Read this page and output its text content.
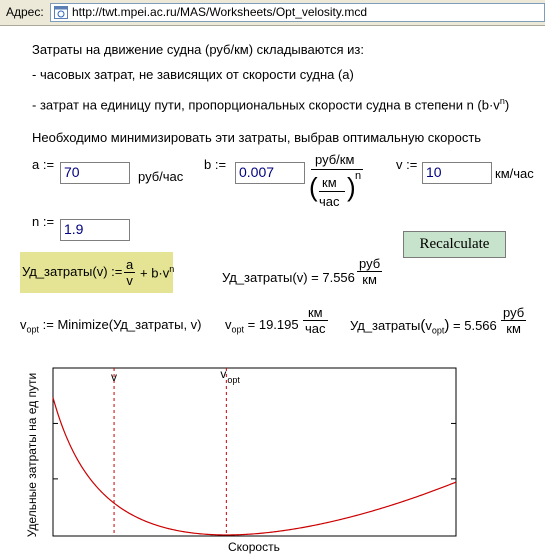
Адрес: http://twt.mpei.ac.ru/MAS/Worksheets/Opt_velosity.mcd
Затраты на движение судна (руб/км) складываются из:
- часовых затрат, не зависящих от скорости судна (a)
- затрат на единицу пути, пропорциональных скорости судна в степени n $(b\cdot v^n)$
Необходимо минимизировать эти затраты, выбрав оптимальную скорость
a := 70	руб/час
b := 0.007
руб/км
( )
км
час
n
v := 10	км/час
n := 1.9
Recalculate
Уд_затраты(v) := $\frac{a}{v} + b\cdot v^n$
Уд_затраты(v) = 7.556
руб
км
$v_{opt}$ := Minimize(Уд_затраты, v) $v_{opt} = 19.195$
км
час $Уд\_затраты(v_{opt}) = 5.566$
руб
км
Удельные затраты на ед пути	v	v opt
Скорость
